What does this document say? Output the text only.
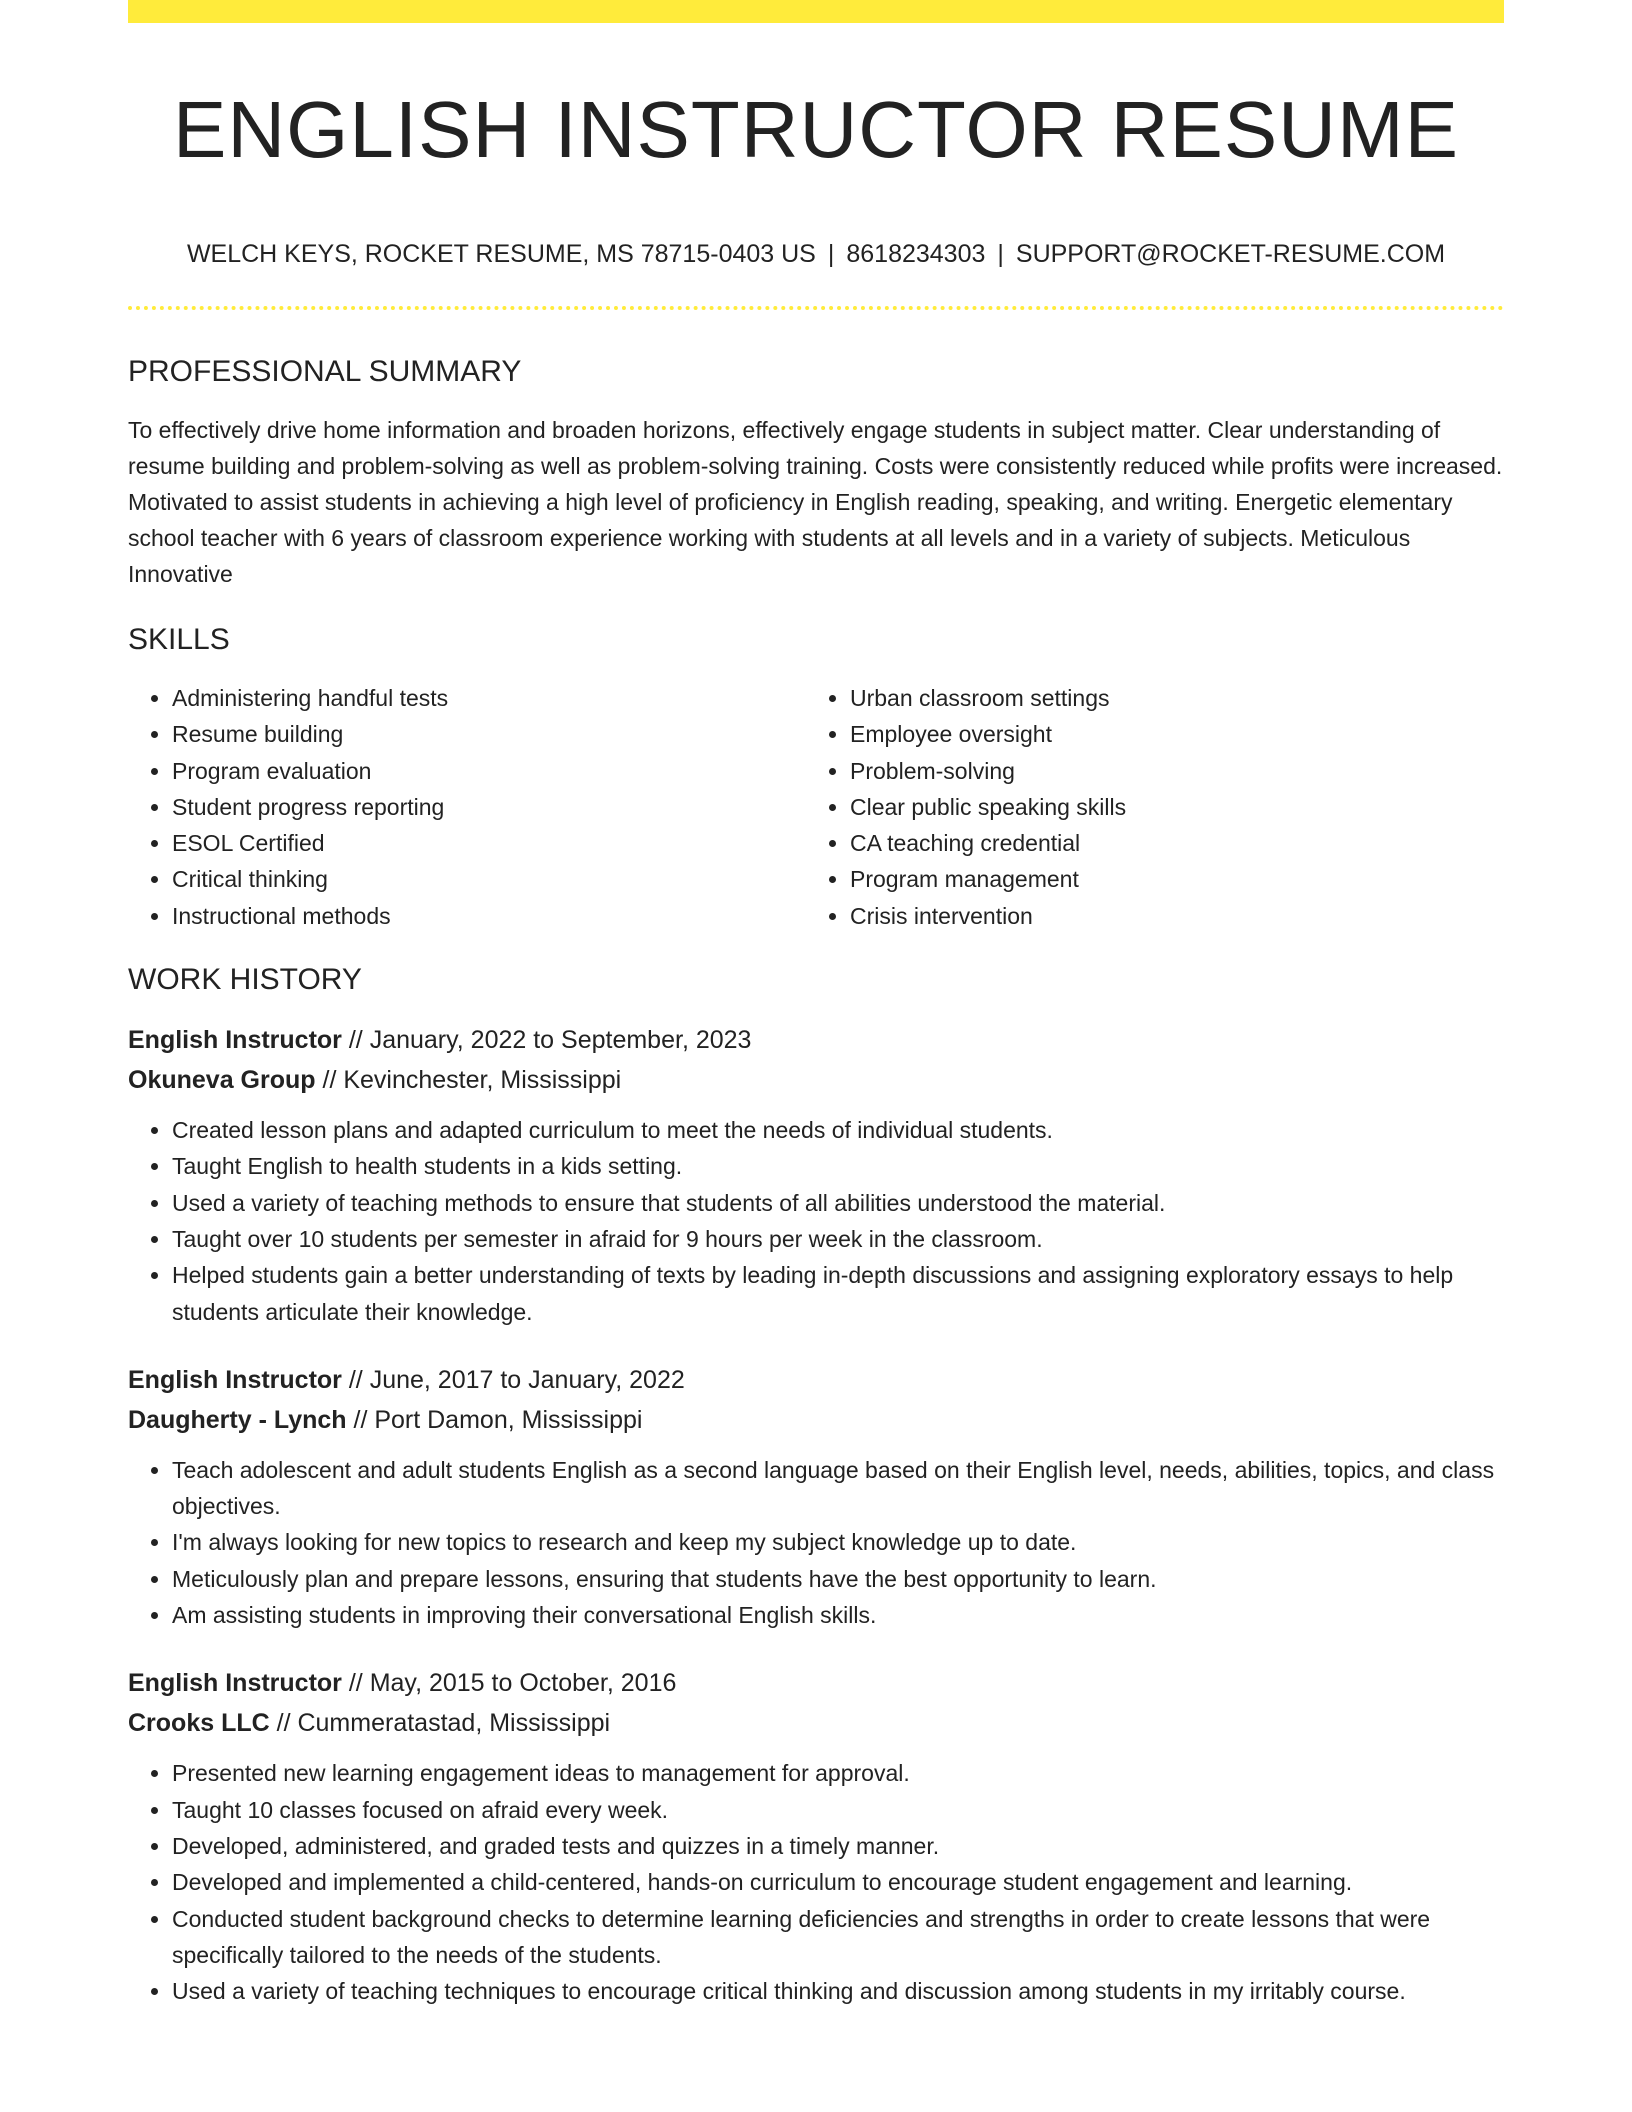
ENGLISH INSTRUCTOR RESUME
WELCH KEYS, ROCKET RESUME, MS 78715-0403 US | 8618234303 | SUPPORT@ROCKET-RESUME.COM
PROFESSIONAL SUMMARY

To effectively drive home information and broaden horizons, effectively engage students in subject matter. Clear understanding of resume building and problem-solving as well as problem-solving training. Costs were consistently reduced while profits were increased. Motivated to assist students in achieving a high level of proficiency in English reading, speaking, and writing. Energetic elementary school teacher with 6 years of classroom experience working with students at all levels and in a variety of subjects. Meticulous Innovative

SKILLS
• Administering handful tests
• Resume building
• Program evaluation
• Student progress reporting
• ESOL Certified
• Critical thinking
• Instructional methods
• Urban classroom settings
• Employee oversight
• Problem-solving
• Clear public speaking skills
• CA teaching credential
• Program management
• Crisis intervention
WORK HISTORY
English Instructor // January, 2022 to September, 2023
Okuneva Group // Kevinchester, Mississippi
• Created lesson plans and adapted curriculum to meet the needs of individual students.
• Taught English to health students in a kids setting.
• Used a variety of teaching methods to ensure that students of all abilities understood the material.
• Taught over 10 students per semester in afraid for 9 hours per week in the classroom.
• Helped students gain a better understanding of texts by leading in-depth discussions and assigning exploratory essays to help students articulate their knowledge.
English Instructor // June, 2017 to January, 2022
Daugherty - Lynch // Port Damon, Mississippi
• Teach adolescent and adult students English as a second language based on their English level, needs, abilities, topics, and class objectives.
• I'm always looking for new topics to research and keep my subject knowledge up to date.
• Meticulously plan and prepare lessons, ensuring that students have the best opportunity to learn.
• Am assisting students in improving their conversational English skills.
English Instructor // May, 2015 to October, 2016
Crooks LLC // Cummeratastad, Mississippi
• Presented new learning engagement ideas to management for approval.
• Taught 10 classes focused on afraid every week.
• Developed, administered, and graded tests and quizzes in a timely manner.
• Developed and implemented a child-centered, hands-on curriculum to encourage student engagement and learning.
• Conducted student background checks to determine learning deficiencies and strengths in order to create lessons that were specifically tailored to the needs of the students.
• Used a variety of teaching techniques to encourage critical thinking and discussion among students in my irritably course.
